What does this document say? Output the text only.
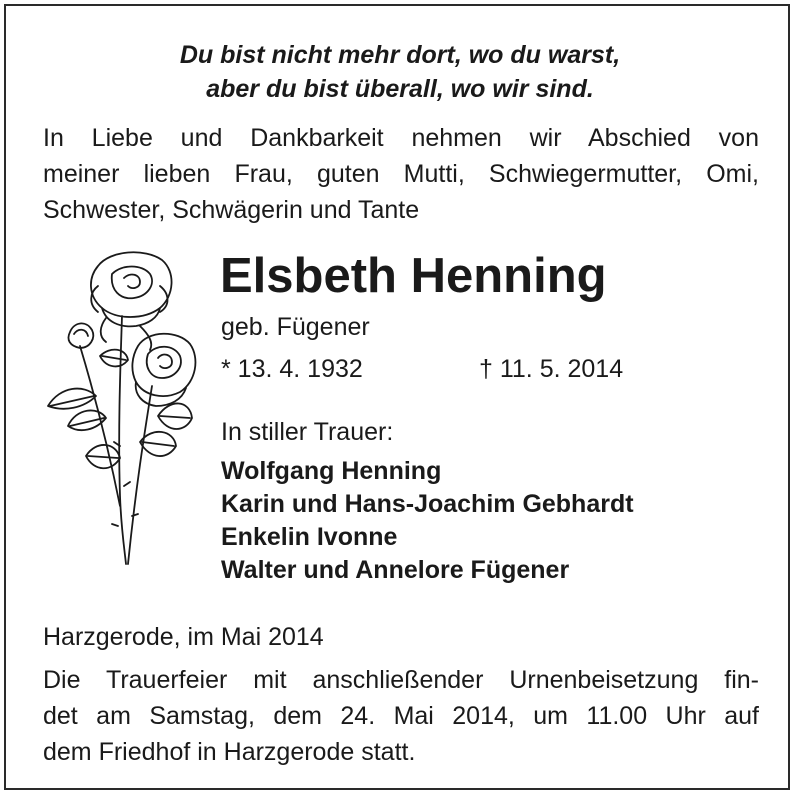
Du bist nicht mehr dort, wo du warst,
aber du bist überall, wo wir sind.
In Liebe und Dankbarkeit nehmen wir Abschied von
meiner lieben Frau, guten Mutti, Schwiegermutter, Omi,
Schwester, Schwägerin und Tante
Elsbeth Henning
geb. Fügener
* 13. 4. 1932	† 11. 5. 2014
In stiller Trauer:
Wolfgang Henning
Karin und Hans-Joachim Gebhardt
Enkelin Ivonne
Walter und Annelore Fügener
Harzgerode, im Mai 2014
Die Trauerfeier mit anschließender Urnenbeisetzung fin-
det am Samstag, dem 24. Mai 2014, um 11.00 Uhr auf
dem Friedhof in Harzgerode statt.
